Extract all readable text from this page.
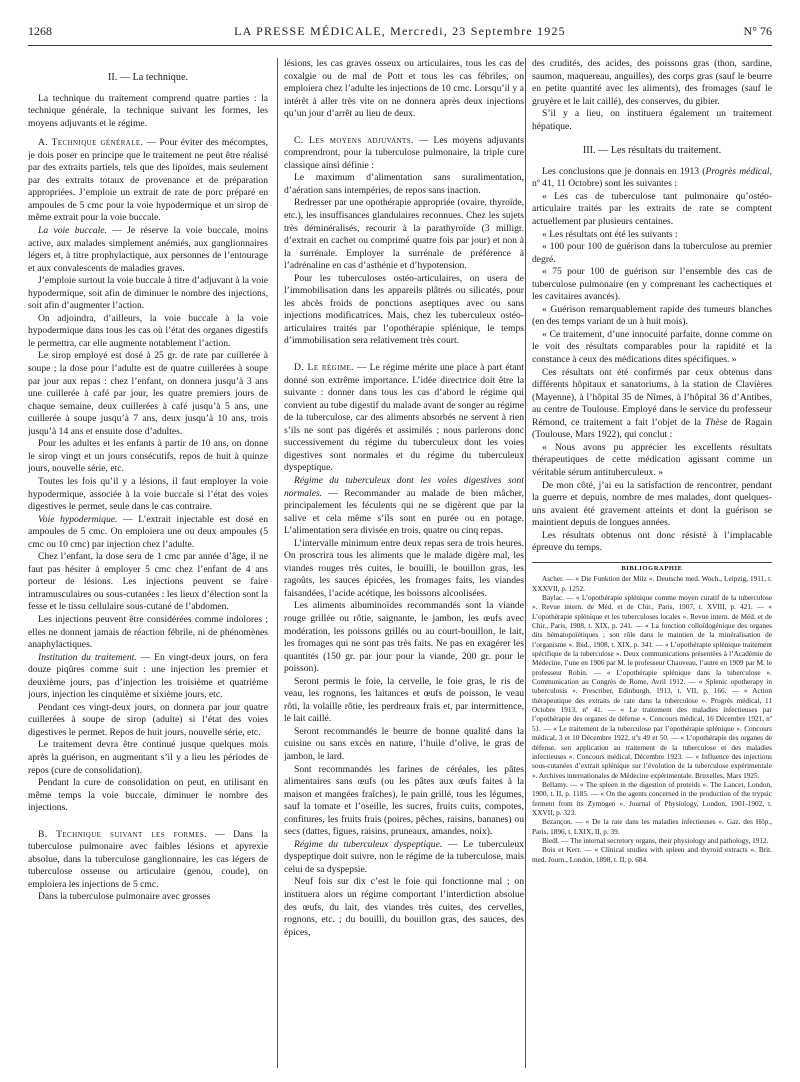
1268	LA PRESSE MÉDICALE, Mercredi, 23 Septembre 1925	N° 76

II. — La technique.

La technique du traitement comprend quatre parties : la technique générale, la technique suivant les formes, les moyens adjuvants et le régime.

A. Technique générale. — Pour éviter des mécomptes, je dois poser en principe que le traitement ne peut être réalisé par des extraits partiels, tels que des lipoïdes, mais seulement par des extraits totaux de provenance et de préparation appropriées. J’emploie un extrait de rate de porc préparé en ampoules de 5 cmc pour la voie hypodermique et un sirop de même extrait pour la voie buccale.

La voie buccale. — Je réserve la voie buccale, moins active, aux malades simplement anémiés, aux ganglionnaires légers et, à titre prophylactique, aux personnes de l’entourage et aux convalescents de maladies graves.

J’emploie surtout la voie buccale à titre d’adjuvant à la voie hypodermique, soit afin de diminuer le nombre des injections, soit afin d’augmenter l’action.

On adjoindra, d’ailleurs, la voie buccale à la voie hypodermique dans tous les cas où l’état des organes digestifs le permettra, car elle augmente notablement l’action.

Le sirop employé est dosé à 25 gr. de rate par cuillerée à soupe ; la dose pour l’adulte est de quatre cuillerées à soupe par jour aux repas : chez l’enfant, on donnera jusqu’à 3 ans une cuillerée à café par jour, les quatre premiers jours de chaque semaine, deux cuillerées à café jusqu’à 5 ans, une cuillerée à soupe jusqu’à 7 ans, deux jusqu’à 10 ans, trois jusqu’à 14 ans et ensuite dose d’adultes.

Pour les adultes et les enfants à partir de 10 ans, on donne le sirop vingt et un jours consécutifs, repos de huit à quinze jours, nouvelle série, etc.

Toutes les fois qu’il y a lésions, il faut employer la voie hypodermique, associée à la voie buccale si l’état des voies digestives le permet, seule dans le cas contraire.

Voie hypodermique. — L’extrait injectable est dosé en ampoules de 5 cmc. On emploiera une ou deux ampoules (5 cmc ou 10 cmc) par injection chez l’adulte.

Chez l’enfant, la dose sera de 1 cmc par année d’âge, il ne faut pas hésiter à employer 5 cmc chez l’enfant de 4 ans porteur de lésions. Les injections peuvent se faire intramusculaires ou sous-cutanées : les lieux d’élection sont la fesse et le tissu cellulaire sous-cutané de l’abdomen.

Les injections peuvent être considérées comme indolores ; elles ne donnent jamais de réaction fébrile, ni de phénomènes anaphylactiques.

Institution du traitement. — En vingt-deux jours, on fera douze piqûres comme suit : une injection les premier et deuxième jours, pas d’injection les troisième et quatrième jours, injection les cinquième et sixième jours, etc.

Pendant ces vingt-deux jours, on donnera par jour quatre cuillerées à soupe de sirop (adulte) si l’état des voies digestives le permet. Repos de huit jours, nouvelle série, etc.

Le traitement devra être continué jusque quelques mois après la guérison, en augmentant s’il y a lieu les périodes de repos (cure de consolidation).

Pendant la cure de consolidation on peut, en utilisant en même temps la voie buccale, diminuer le nombre des injections.

B. Technique suivant les formes. — Dans la tuberculose pulmonaire avec faibles lésions et apyrexie absolue, dans la tuberculose ganglionnaire, les cas légers de tuberculose osseuse ou articulaire (genou, coude), on emploiera les injections de 5 cmc.

Dans la tuberculose pulmonaire avec grosses

lésions, les cas graves osseux ou articulaires, tous les cas de coxalgie ou de mal de Pott et tous les cas fébriles, on emploiera chez l’adulte les injections de 10 cmc. Lorsqu’il y a intérêt à aller très vite on ne donnera après deux injections qu’un jour d’arrêt au lieu de deux.

C. Les moyens adjuvants. — Les moyens adjuvants comprendront, pour la tuberculose pulmonaire, la triple cure classique ainsi définie :

Le maximum d’alimentation sans suralimentation, d’aération sans intempéries, de repos sans inaction.

Redresser par une opothérapie appropriée (ovaire, thyroïde, etc.), les insuffisances glandulaires reconnues. Chez les sujets très déminéralisés, recourir à la parathyroïde (3 milligr. d’extrait en cachet ou comprimé quatre fois par jour) et non à la surrénale. Employer la surrénale de préférence à l’adrénaline en cas d’asthénie et d’hypotension.

Pour les tuberculoses ostéo-articulaires, on usera de l’immobilisation dans les appareils plâtrés ou silicatés, pour les abcès froids de ponctions aseptiques avec ou sans injections modificatrices. Mais, chez les tuberculeux ostéo-articulaires traités par l’opothérapie splénique, le temps d’immobilisation sera relativement très court.

D. Le régime. — Le régime mérite une place à part étant donné son extrême importance. L’idée directrice doit être la suivante : donner dans tous les cas d’abord le régime qui convient au tube digestif du malade avant de songer au régime de la tuberculose, car des aliments absorbés ne servent à rien s’ils ne sont pas digérés et assimilés ; nous parlerons donc successivement du régime du tuberculeux dont les voies digestives sont normales et du régime du tuberculeux dyspeptique.

Régime du tuberculeux dont les voies digestives sont normales. — Recommander au malade de bien mâcher, principalement les féculents qui ne se digèrent que par la salive et cela même s’ils sont en purée ou en potage. L’alimentation sera divisée en trois, quatre ou cinq repas.

L’intervalle minimum entre deux repas sera de trois heures. On proscrira tous les aliments que le malade digère mal, les viandes rouges très cuites, le bouilli, le bouillon gras, les ragoûts, les sauces épicées, les fromages faits, les viandes faisandées, l’acide acétique, les boissons alcoolisées.

Les aliments albuminoïdes recommandés sont la viande rouge grillée ou rôtie, saignante, le jambon, les œufs avec modération, les poissons grillés ou au court-bouillon, le lait, les fromages qui ne sont pas très faits. Ne pas en exagérer les quantités (150 gr. par jour pour la viande, 200 gr. pour le poisson).

Seront permis le foie, la cervelle, le foie gras, le ris de veau, les rognons, les laitances et œufs de poisson, le veau rôti, la volaille rôtie, les perdreaux frais et, par intermittence, le lait caillé.

Seront recommandés le beurre de bonne qualité dans la cuisine ou sans excès en nature, l’huile d’olive, le gras de jambon, le lard.

Sont recommandés les farines de céréales, les pâtes alimentaires sans œufs (ou les pâtes aux œufs faites à la maison et mangées fraîches), le pain grillé, tous les légumes, sauf la tomate et l’oseille, les sucres, fruits cuits, compotes, confitures, les fruits frais (poires, pêches, raisins, bananes) ou secs (dattes, figues, raisins, pruneaux, amandes, noix).

Régime du tuberculeux dyspeptique. — Le tuberculeux dyspeptique doit suivre, non le régime de la tuberculose, mais celui de sa dyspepsie.

Neuf fois sur dix c’est le foie qui fonctionne mal ; on instituera alors un régime comportant l’interdiction absolue des œufs, du lait, des viandes très cuites, des cervelles, rognons, etc. ; du bouilli, du bouillon gras, des sauces, des épices,

des crudités, des acides, des poissons gras (thon, sardine, saumon, maquereau, anguilles), des corps gras (sauf le beurre en petite quantité avec les aliments), des fromages (sauf le gruyère et le lait caillé), des conserves, du gibier.

S’il y a lieu, on instituera également un traitement hépatique.

III. — Les résultats du traitement.

Les conclusions que je donnais en 1913 (Progrès médical, nº 41, 11 Octobre) sont les suivantes :

« Les cas de tuberculose tant pulmonaire qu’ostéo-articulaire traités par les extraits de rate se comptent actuellement par plusieurs centaines.

« Les résultats ont été les suivants :

« 100 pour 100 de guérison dans la tuberculose au premier degré.

« 75 pour 100 de guérison sur l’ensemble des cas de tuberculose pulmonaire (en y comprenant les cachectiques et les cavitaires avancés).

« Guérison remarquablement rapide des tumeurs blanches (en des temps variant de un à huit mois).

« Ce traitement, d’une innocuité parfaite, donne comme on le voit des résultats comparables pour la rapidité et la constance à ceux des médications dites spécifiques. »

Ces résultats ont été confirmés par ceux obtenus dans différents hôpitaux et sanatoriums, à la station de Clavières (Mayenne), à l’hôpital 35 de Nîmes, à l’hôpital 36 d’Antibes, au centre de Toulouse. Employé dans le service du professeur Rémond, ce traitement a fait l’objet de la Thèse de Ragain (Toulouse, Mars 1922), qui conclut :

« Nous avons pu apprécier les excellents résultats thérapeutiques de cette médication agissant comme un véritable sérum antituberculeux. »

De mon côté, j’ai eu la satisfaction de rencontrer, pendant la guerre et depuis, nombre de mes malades, dont quelques-uns avaient été gravement atteints et dont la guérison se maintient depuis de longues années.

Les résultats obtenus ont donc résisté à l’implacable épreuve du temps.

BIBLIOGRAPHIE

Ascher. — « Die Funktion der Milz ». Deutsche med. Woch., Leipzig, 1911, t. XXXVII, p. 1252.

Baylac. — « L’opothérapie splénique comme moyen curatif de la tuberculose ». Revue intern. de Méd. et de Chir., Paris, 1907, t. XVIII, p. 421. — « L’opothérapie splénique et les tuberculoses locales ». Revue intern. de Méd. et de Chir., Paris, 1908, t. XIX, p. 241. — « La fonction colloïdogénique des organes dits hématopoïétiques ; son rôle dans le maintien de la minéralisation de l’organisme ». Ibid., 1908, t. XIX, p. 341. — « L’opothérapie splénique traitement spécifique de la tuberculose ». Deux communications présentées à l’Académie de Médecine, l’une en 1906 par M. le professeur Chauveau, l’autre en 1909 par M. le professeur Robin. — « L’opothérapie splénique dans la tuberculose ». Communication au Congrès de Rome, Avril 1912. — « Splenic opotherapy in tuberculosis ». Prescriber, Edinburgh, 1913, t. VII, p. 166. — « Action thérapeutique des extraits de rate dans la tuberculose ». Progrès médical, 11 Octobre 1913, nº 41. — « Le traitement des maladies infectieuses par l’opothérapie des organes de défense ». Concours médical, 16 Décembre 1921, nº 51. — « Le traitement de la tuberculose par l’opothérapie splénique ». Concours médical, 3 et 10 Décembre 1922, nºs 49 et 50. — « L’opothérapie des organes de défense, son application au traitement de la tuberculose et des maladies infectieuses ». Concours médical, Décembre 1923. — « Influence des injections sous-cutanées d’extrait splénique sur l’évolution de la tuberculose expérimentale ». Archives internationales de Médecine expérimentale. Bruxelles, Mars 1925.

Bellamy. — « The spleen in the digestion of proteids ». The Lancet, London, 1900, t. II, p. 1185. — « On the agents concerned in the production of the trypsic ferment from its Zymogen ». Journal of Physiology, London, 1901-1902, t. XXVII, p. 323.

Bezançon. — « De la rate dans les maladies infectieuses ». Gaz. des Hôp., Paris, 1896, t. LXIX, II, p. 39.

Biedl. — The internal secretory organs, their physiology and pathology, 1912.

Bois et Kerr. — « Clinical studies with spleen and thyroid extracts ». Brit. med. Journ., London, 1898, t. II, p. 684.
